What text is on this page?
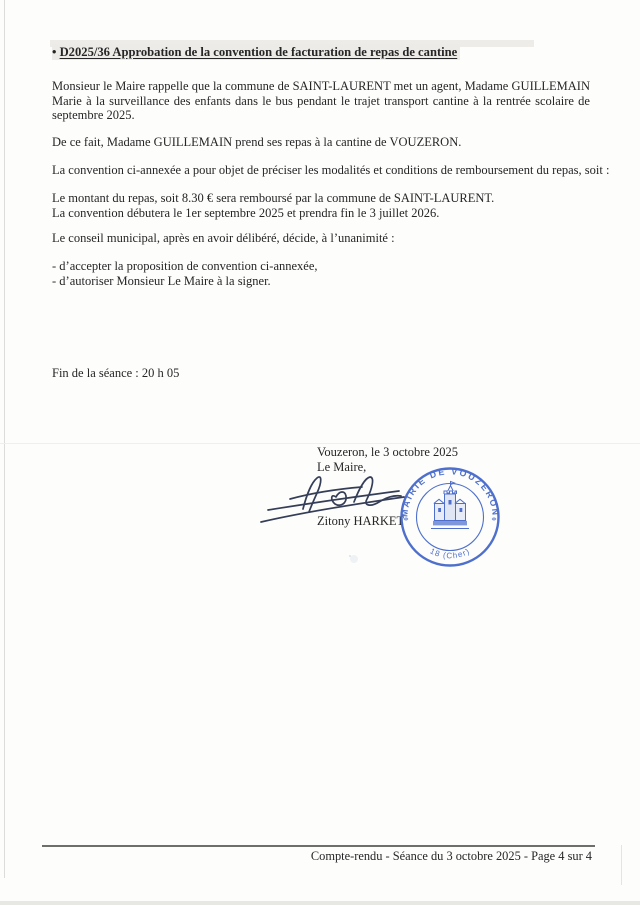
• D2025/36 Approbation de la convention de facturation de repas de cantine
Monsieur le Maire rappelle que la commune de SAINT-LAURENT met un agent, Madame GUILLEMAIN
Marie à la surveillance des enfants dans le bus pendant le trajet transport cantine à la rentrée scolaire de
septembre 2025.
De ce fait, Madame GUILLEMAIN prend ses repas à la cantine de VOUZERON.
La convention ci-annexée a pour objet de préciser les modalités et conditions de remboursement du repas, soit :
Le montant du repas, soit 8.30 € sera remboursé par la commune de SAINT-LAURENT.
La convention débutera le 1er septembre 2025 et prendra fin le 3 juillet 2026.
Le conseil municipal, après en avoir délibéré, décide, à l’unanimité :
- d’accepter la proposition de convention ci-annexée,
- d’autoriser Monsieur Le Maire à la signer.
Fin de la séance : 20 h 05
Vouzeron, le 3 octobre 2025
Le Maire,
Zitony HARKET
MAIRIE DE VOUZERON
18 (Cher)
*	*
Compte-rendu - Séance du 3 octobre 2025 - Page 4 sur 4
